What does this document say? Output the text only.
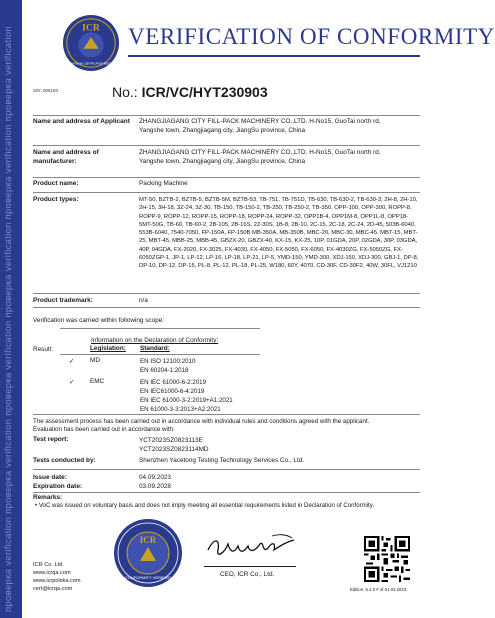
проверка verification проверка verification проверка verification проверка verification проверка verification проверка verification	ICR
INTERNATIONAL CERTIFICATION REGISTRAR
VERIFICATION OF CONFORMITY
S/N: 006193	No.: ICR/VC/HYT230903
Name and address of Applicant	ZHANGJIAGANG CITY FILL-PACK MACHINERY CO.,LTD. H-No15, GuoTai north rd, Yangshe town, Zhangjiagang city, JiangSu province, China
Name and address of manufacturer:
ZHANGJIAGANG CITY FILL-PACK MACHINERY CO.,LTD. H-No15, GuoTai north rd, Yangshe town, Zhangjiagang city, JiangSu province, China
Product name:	Packing Machine
Product types:	MT-50, BZTB-2, BZTB-5, BZTB-5M, BZTB-53, TB-751, TB-751D, TB-630, TB-630-2, TB-630-3, 2H-8, 2H-10, 2H-15, 3H-18, 3Z-24, 3Z-30, TB-150, TB-150-2, TB-250, TB-250-2, TB-350, OPP-100, OPP-300, ROPP-8, ROPP-9, ROPP-12, ROPP-15, ROPP-18, ROPP-24, ROPP-32, OPP1B-4, OPP1M-8, OPP1L-8, OPP18-5MT-50G, TB-60, TB-60-2, 2B-105, 2B-16S, 2Z-30S, 1B-8, 2B-10, 2C-15, 2C-18, 2C-24, 2D-45, 503B-6040, 553B-6040, 7540-7050, FP-150A, FP-150B MB-350A, MB-350B, MBC-20, MBC-30, MBC-45, MBT-15, MBT-25, MBT-45, MBB-25, MBB-45, GBZX-20, GBZX-40, KX-15, KX-25, 10P, 01GDA, 20P, 02GDA, 30P, 03GDA, 40P, 04GDA, FX-2020, FX-3025, FX-4030, FX-4050, FX-5050, FX-6050, FX-4030ZG, FX-5050ZG, FX-6050ZGP-1, JP-1, LP-12, LP-16, LP-18, LP-21, LP-5, YMD-150, YMD-300, XDJ-150, XDJ-300, GBJ-1, DP-8, DP-10, DP-12, DP-15, PL-8, PL-12, PL-18, PL-25, W180, 60Y, 4070, CD-30F, CD-30F2, 40W, 30FL, VJ1210
Product trademark:	n/a
Verification was carried within following scope:
Information on the Declaration of Conformity:
Result:	Legislation: Standard:
✓ MD	EN ISO 12100:2010
EN 60204-1:2018
✓ EMC	EN IEC 61000-6-2:2019
EN IEC61000-6-4:2019
EN IEC 61000-3-2:2019+A1:2021
EN 61000-3-3:2013+A2:2021
The assessment process has been carried out in accordance with individual rules and conditions agreed with the applicant.
Evaluation has been carried out in accordance with:
Test report:	YCT2023SZ0823113E
YCT2023SZ0823114MD
Tests conducted by:	Shenzhen Yacetong Testing Technology Services Co., Ltd.
Issue date:	04.09.2023
Expiration date:	03.09.2028
Remarks:
• VoC was issued on voluntary basis and does not imply meeting all essential requirements listed in Declaration of Conformity.
ICR
CONFORMITY VERIFIED	CEO, ICR Co., Ltd.
ICR Co. Ltd.
www.icrqa.com
www.icrpolska.com
cert@icrqa.com	Edition: 5.1.0 # of 01.03.2023
